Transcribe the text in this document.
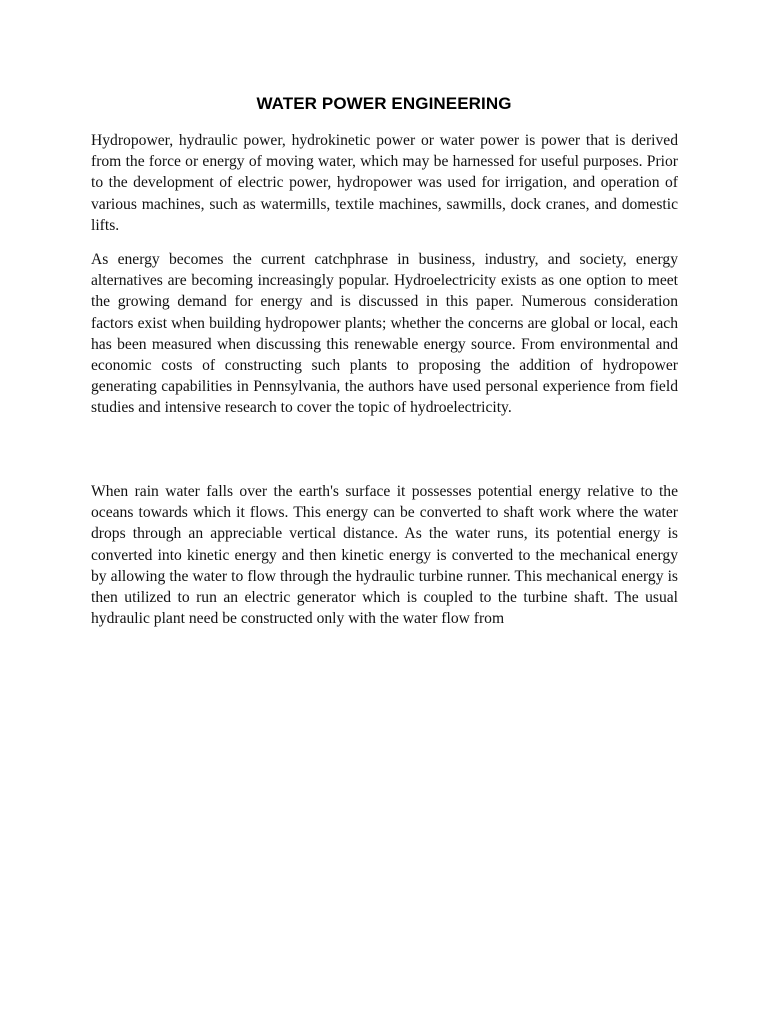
WATER POWER ENGINEERING

Hydropower, hydraulic power, hydrokinetic power or water power is power that is derived from the force or energy of moving water, which may be harnessed for useful purposes. Prior to the development of electric power, hydropower was used for irrigation, and operation of various machines, such as watermills, textile machines, sawmills, dock cranes, and domestic lifts.

As energy becomes the current catchphrase in business, industry, and society, energy alternatives are becoming increasingly popular. Hydroelectricity exists as one option to meet the growing demand for energy and is discussed in this paper. Numerous consideration factors exist when building hydropower plants; whether the concerns are global or local, each has been measured when discussing this renewable energy source. From environmental and economic costs of constructing such plants to proposing the addition of hydropower generating capabilities in Pennsylvania, the authors have used personal experience from field studies and intensive research to cover the topic of hydroelectricity.

When rain water falls over the earth's surface it possesses potential energy relative to the oceans towards which it flows. This energy can be converted to shaft work where the water drops through an appreciable vertical distance. As the water runs, its potential energy is converted into kinetic energy and then kinetic energy is converted to the mechanical energy by allowing the water to flow through the hydraulic turbine runner. This mechanical energy is then utilized to run an electric generator which is coupled to the turbine shaft. The usual hydraulic plant need be constructed only with the water flow from
